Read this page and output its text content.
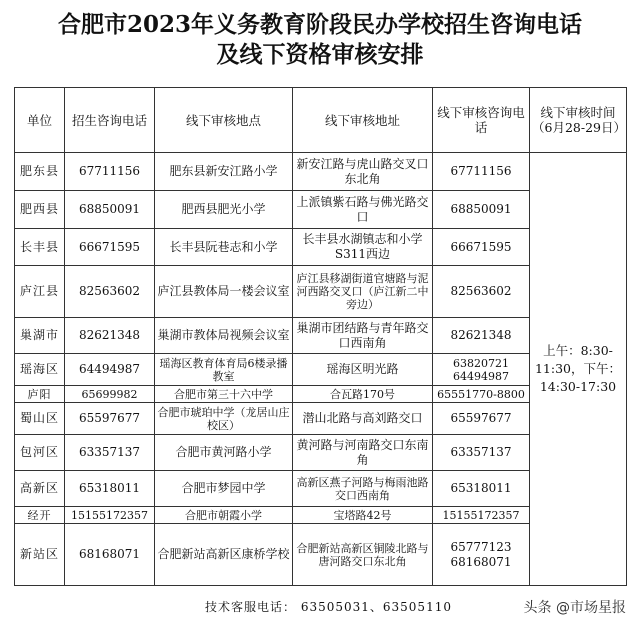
合肥市2023年义务教育阶段民办学校招生咨询电话
及线下资格审核安排
单位	招生咨询电话	线下审核地点	线下审核地址	线下审核咨询电话	线下审核时间（6月28-29日）
肥东县	67711156	肥东县新安江路小学	新安江路与虎山路交叉口东北角	67711156	上午：8:30-11:30，下午：14:30-17:30
肥西县	68850091	肥西县肥光小学	上派镇紫石路与佛光路交口	68850091	
长丰县	66671595	长丰县阮巷志和小学	长丰县水湖镇志和小学S311西边	66671595	
庐江县	82563602	庐江县教体局一楼会议室	庐江县移湖街道官塘路与泥河西路交叉口（庐江新二中旁边）	82563602	
巢湖市	82621348	巢湖市教体局视频会议室	巢湖市团结路与青年路交口西南角	82621348	
瑶海区	64494987	瑶海区教育体育局6楼录播教室	瑶海区明光路	63820721 64494987	
庐阳	65699982	合肥市第三十六中学	合瓦路170号	65551770-8800	
蜀山区	65597677	合肥市琥珀中学（龙居山庄校区）	潜山北路与高刘路交口	65597677	
包河区	63357137	合肥市黄河路小学	黄河路与河南路交口东南角	63357137	
高新区	65318011	合肥市梦园中学	高新区燕子河路与梅雨池路交口西南角	65318011	
经开	15155172357	合肥市朝霞小学	宝塔路42号	15155172357	
新站区	68168071	合肥新站高新区康桥学校	合肥新站高新区铜陵北路与唐河路交口东北角	65777123 68168071	
技术客服电话： 63505031、63505110	头条 @市场星报
